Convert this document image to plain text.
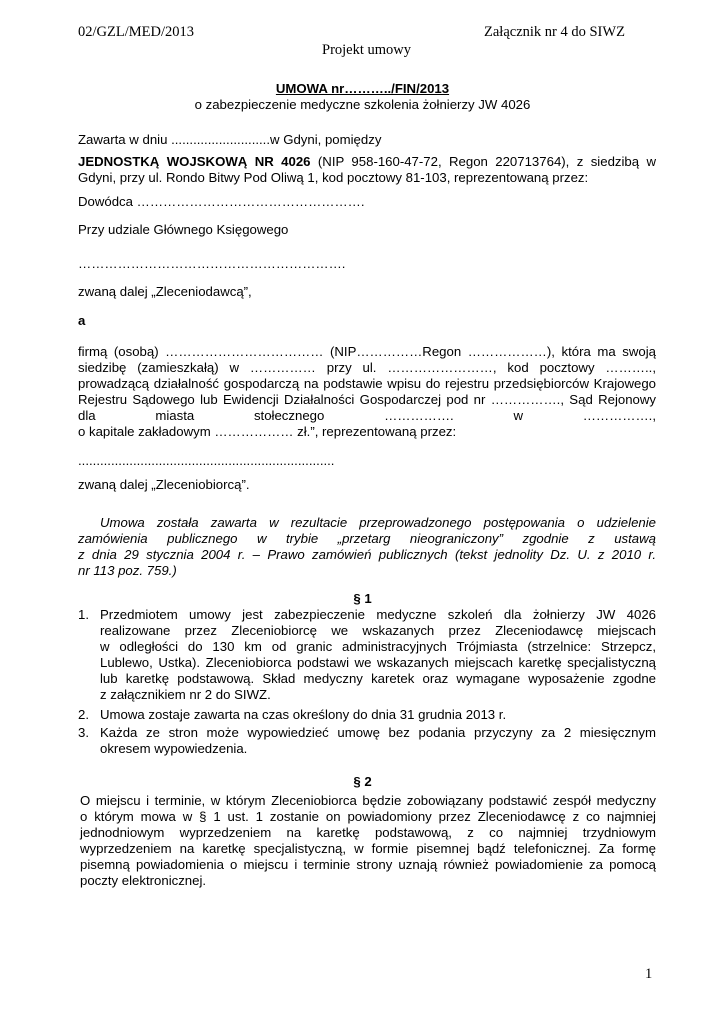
02/GZL/MED/2013	Załącznik nr 4 do SIWZ
Projekt umowy
UMOWA nr………../FIN/2013
o zabezpieczenie medyczne szkolenia żołnierzy JW 4026
Zawarta w dniu ...........................w Gdyni, pomiędzy
JEDNOSTKĄ WOJSKOWĄ NR 4026 (NIP 958-160-47-72, Regon 220713764), z siedzibą w
Gdyni, przy ul. Rondo Bitwy Pod Oliwą 1, kod pocztowy 81-103, reprezentowaną przez:
Dowódca …………………………………………….
Przy udziale Głównego Księgowego
…………………………………………………….
zwaną dalej „Zleceniodawcą”,
a
firmą (osobą) ……………………………… (NIP……………Regon ………………), która ma swoją
siedzibę (zamieszkałą) w …………… przy ul. ……………………, kod pocztowy ………..,
prowadzącą działalność gospodarczą na podstawie wpisu do rejestru przedsiębiorców Krajowego
Rejestru Sądowego lub Ewidencji Działalności Gospodarczej pod nr ……………., Sąd Rejonowy
dla miasta stołecznego ……………. w …………….,
o kapitale zakładowym ……………… zł.”, reprezentowaną przez:
......................................................................
zwaną dalej „Zleceniobiorcą”.
Umowa została zawarta w rezultacie przeprowadzonego postępowania o udzielenie
zamówienia publicznego w trybie „przetarg nieograniczony” zgodnie z ustawą
z dnia 29 stycznia 2004 r. – Prawo zamówień publicznych (tekst jednolity Dz. U. z 2010 r.
nr 113 poz. 759.)
§ 1
1. Przedmiotem umowy jest zabezpieczenie medyczne szkoleń dla żołnierzy JW 4026
realizowane przez Zleceniobiorcę we wskazanych przez Zleceniodawcę miejscach
w odległości do 130 km od granic administracyjnych Trójmiasta (strzelnice: Strzepcz,
Lublewo, Ustka). Zleceniobiorca podstawi we wskazanych miejscach karetkę specjalistyczną
lub karetkę podstawową. Skład medyczny karetek oraz wymagane wyposażenie zgodne
z załącznikiem nr 2 do SIWZ.
2. Umowa zostaje zawarta na czas określony do dnia 31 grudnia 2013 r.
3. Każda ze stron może wypowiedzieć umowę bez podania przyczyny za 2 miesięcznym
okresem wypowiedzenia.
§ 2
O miejscu i terminie, w którym Zleceniobiorca będzie zobowiązany podstawić zespół medyczny
o którym mowa w § 1 ust. 1 zostanie on powiadomiony przez Zleceniodawcę z co najmniej
jednodniowym wyprzedzeniem na karetkę podstawową, z co najmniej trzydniowym
wyprzedzeniem na karetkę specjalistyczną, w formie pisemnej bądź telefonicznej. Za formę
pisemną powiadomienia o miejscu i terminie strony uznają również powiadomienie za pomocą
poczty elektronicznej.
1
